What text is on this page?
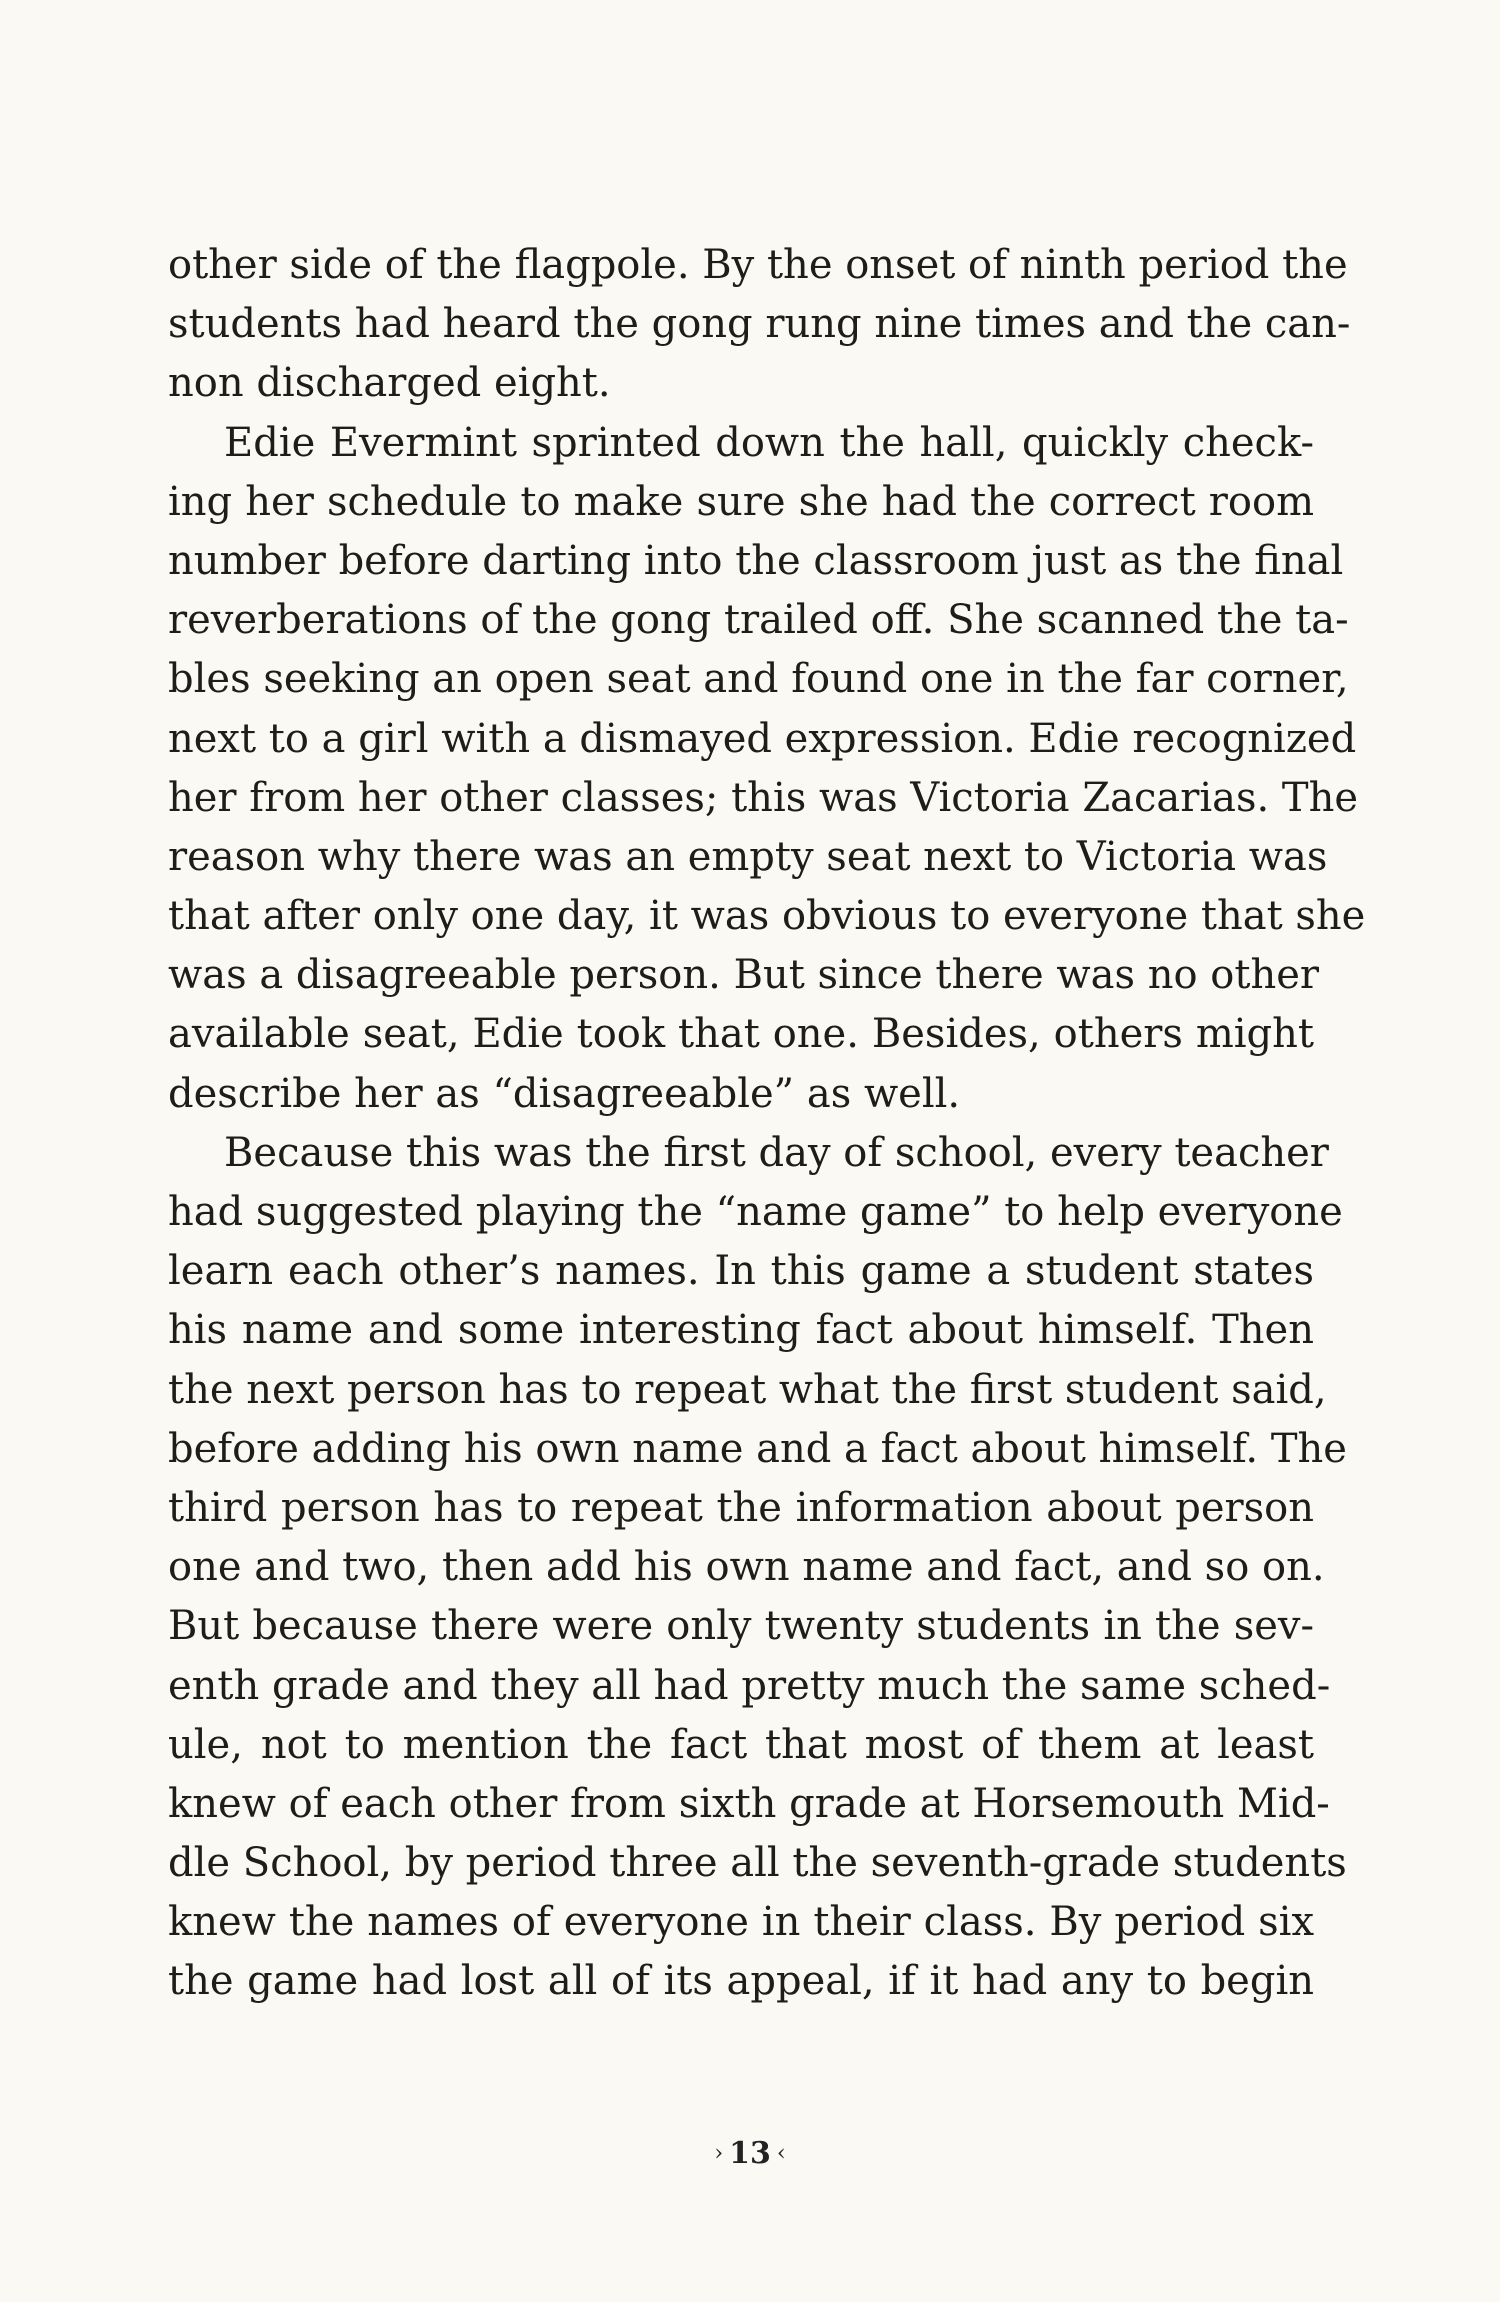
other side of the flagpole. By the onset of ninth period the
students had heard the gong rung nine times and the can-
non discharged eight.
Edie Evermint sprinted down the hall, quickly check-
ing her schedule to make sure she had the correct room
number before darting into the classroom just as the final
reverberations of the gong trailed off. She scanned the ta-
bles seeking an open seat and found one in the far corner,
next to a girl with a dismayed expression. Edie recognized
her from her other classes; this was Victoria Zacarias. The
reason why there was an empty seat next to Victoria was
that after only one day, it was obvious to everyone that she
was a disagreeable person. But since there was no other
available seat, Edie took that one. Besides, others might
describe her as “disagreeable” as well.
Because this was the first day of school, every teacher
had suggested playing the “name game” to help everyone
learn each other’s names. In this game a student states
his name and some interesting fact about himself. Then
the next person has to repeat what the first student said,
before adding his own name and a fact about himself. The
third person has to repeat the information about person
one and two, then add his own name and fact, and so on.
But because there were only twenty students in the sev-
enth grade and they all had pretty much the same sched-
ule, not to mention the fact that most of them at least
knew of each other from sixth grade at Horsemouth Mid-
dle School, by period three all the seventh-grade students
knew the names of everyone in their class. By period six
the game had lost all of its appeal, if it had any to begin
› 13 ‹
